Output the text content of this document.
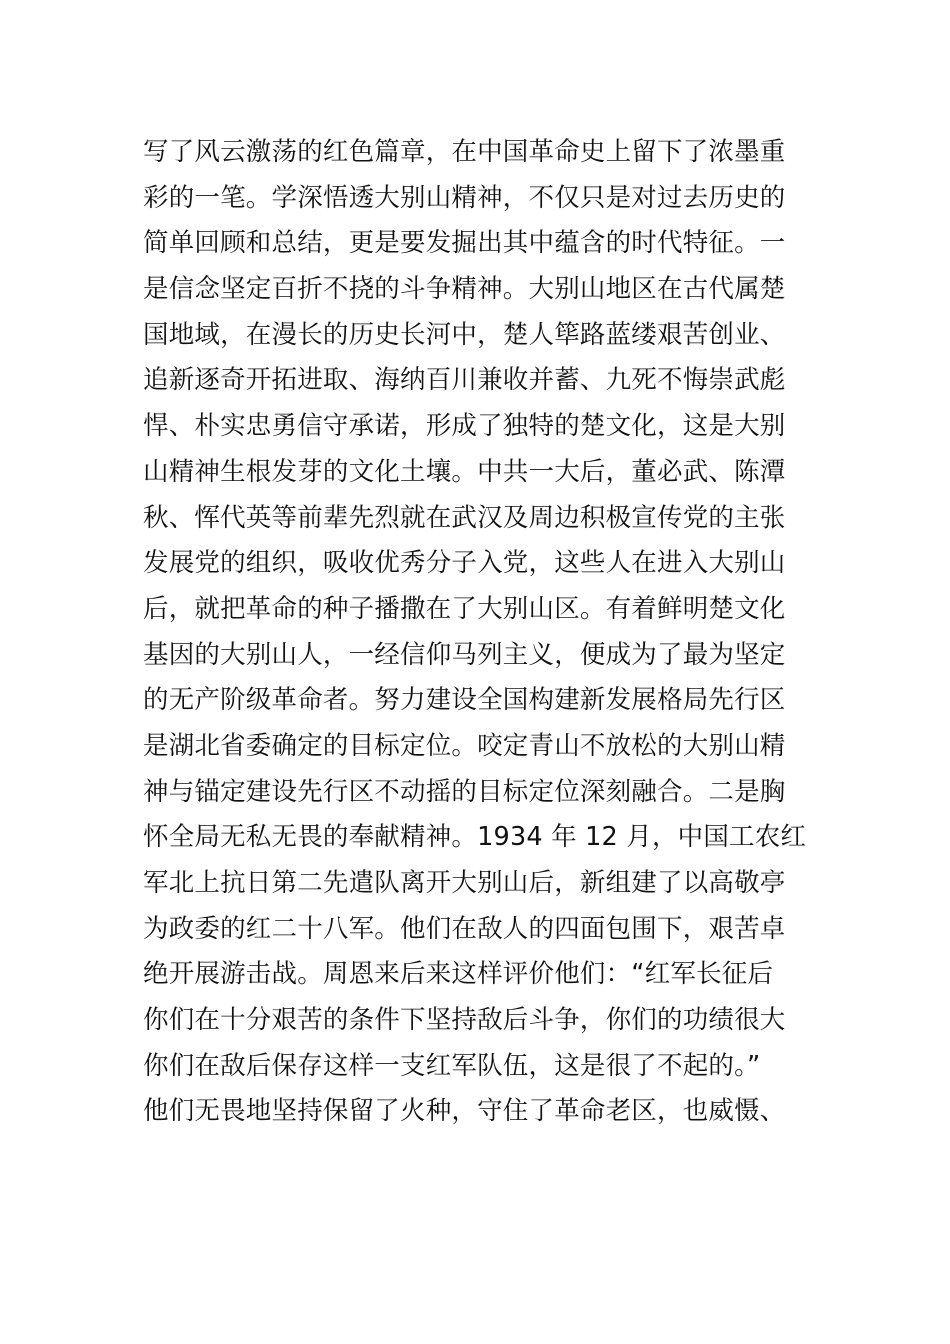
写了风云激荡的红色篇章，在中国革命史上留下了浓墨重
彩的一笔。学深悟透大别山精神，不仅只是对过去历史的
简单回顾和总结，更是要发掘出其中蕴含的时代特征。一
是信念坚定百折不挠的斗争精神。大别山地区在古代属楚
国地域，在漫长的历史长河中，楚人筚路蓝缕艰苦创业、
追新逐奇开拓进取、海纳百川兼收并蓄、九死不悔崇武彪
悍、朴实忠勇信守承诺，形成了独特的楚文化，这是大别
山精神生根发芽的文化土壤。中共一大后，董必武、陈潭
秋、恽代英等前辈先烈就在武汉及周边积极宣传党的主张
发展党的组织，吸收优秀分子入党，这些人在进入大别山
后，就把革命的种子播撒在了大别山区。有着鲜明楚文化
基因的大别山人，一经信仰马列主义，便成为了最为坚定
的无产阶级革命者。努力建设全国构建新发展格局先行区
是湖北省委确定的目标定位。咬定青山不放松的大别山精
神与锚定建设先行区不动摇的目标定位深刻融合。二是胸
怀全局无私无畏的奉献精神。1934 年 12 月，中国工农红
军北上抗日第二先遣队离开大别山后，新组建了以高敬亭
为政委的红二十八军。他们在敌人的四面包围下，艰苦卓
绝开展游击战。周恩来后来这样评价他们：“红军长征后
你们在十分艰苦的条件下坚持敌后斗争，你们的功绩很大
你们在敌后保存这样一支红军队伍，这是很了不起的。”
他们无畏地坚持保留了火种，守住了革命老区，也威慑、
